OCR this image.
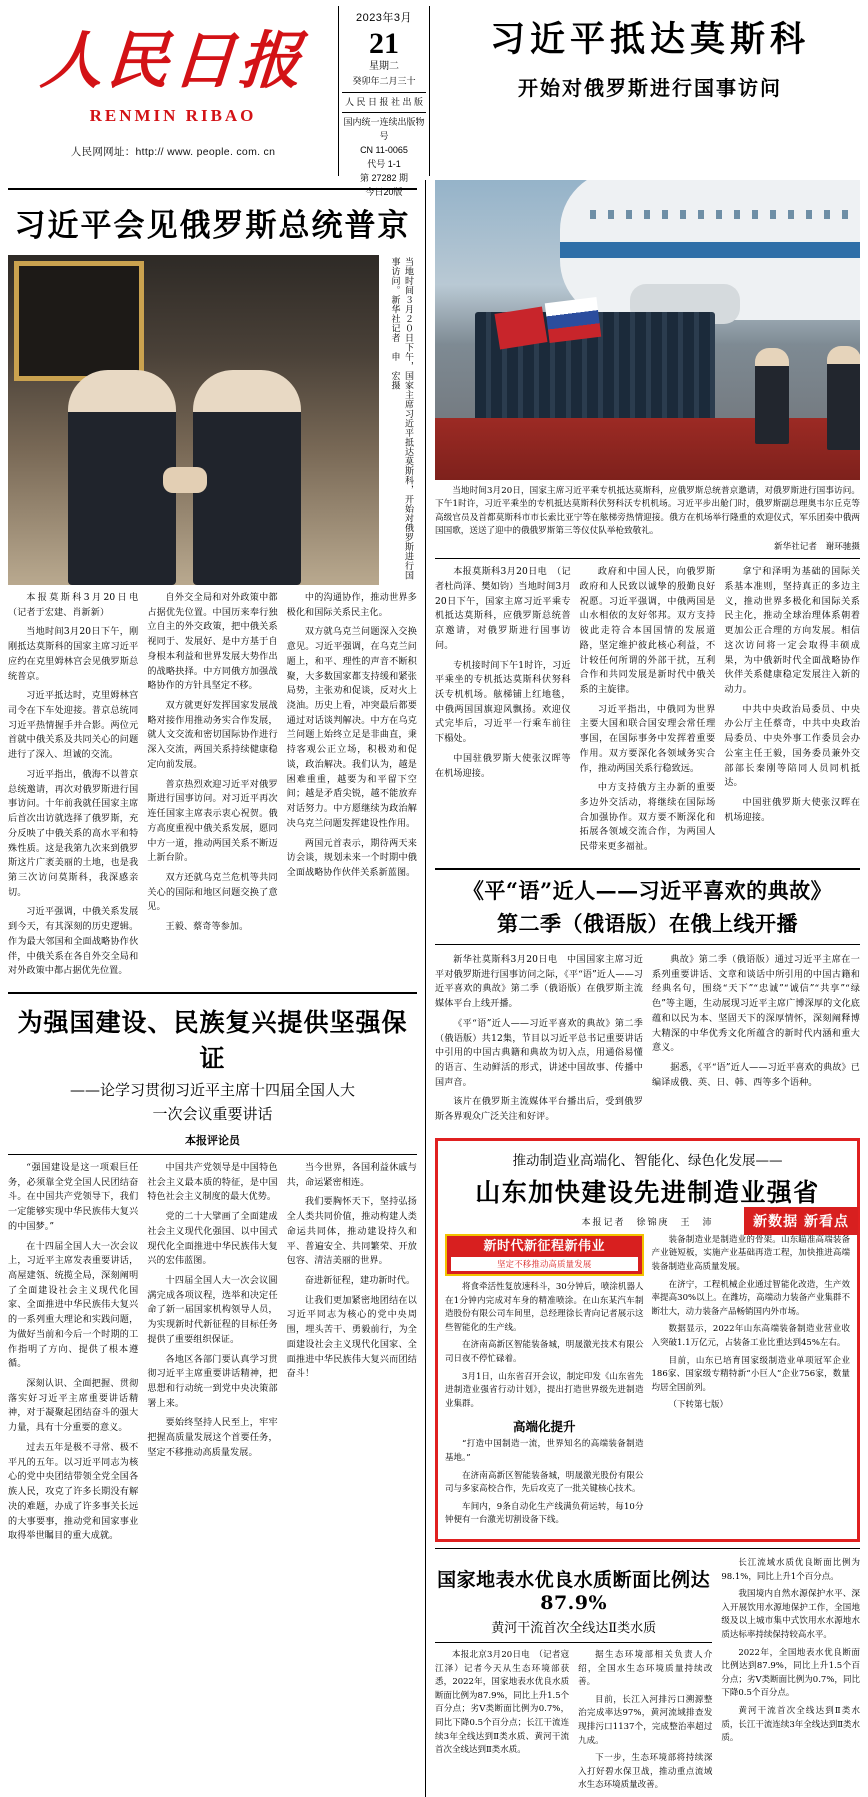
人民日报
RENMIN RIBAO
人民网网址：http:// www. people. com. cn
2023年3月
21
星期二
癸卯年二月三十
人 民 日 报 社 出 版
国内统一连续出版物号
CN 11-0065
代号 1-1
第 27282 期
今日20版
习近平抵达莫斯科
开始对俄罗斯进行国事访问
习近平会见俄罗斯总统普京
当地时间３月２０日下午，国家主席习近平抵达莫斯科，开始对俄罗斯进行国事访问。新华社记者　申　宏摄

本报莫斯科3月20日电　（记者于宏建、肖新新）

当地时间3月20日下午，刚刚抵达莫斯科的国家主席习近平应约在克里姆林宫会见俄罗斯总统普京。

习近平抵达时，克里姆林宫司令在下车处迎接。普京总统同习近平热情握手并合影。两位元首就中俄关系及共同关心的问题进行了深入、坦诚的交流。

习近平指出，俄海不以普京总统邀请，再次对俄罗斯进行国事访问。十年前我就任国家主席后首次出访就选择了俄罗斯，充分反映了中俄关系的高水平和特殊性质。这是我第九次来到俄罗斯这片广袤美丽的土地，也是我第三次访问莫斯科，我深感亲切。

习近平强调，中俄关系发展到今天，有其深刻的历史逻辑。作为最大邻国和全面战略协作伙伴，中俄关系在各自外交全局和对外政策中都占据优先位置。

自外交全局和对外政策中都占据优先位置。中国历来奉行独立自主的外交政策，把中俄关系视同于、发展好、是中方基于自身根本利益和世界发展大势作出的战略抉择。中方同俄方加强战略协作的方针具坚定不移。

双方就更好发挥国家发展战略对接作用推动务实合作发展，就人文交流和密切国际协作进行深入交流，两国关系持续健康稳定向前发展。

普京热烈欢迎习近平对俄罗斯进行国事访问。对习近平再次连任国家主席表示衷心祝贺。俄方高度重视中俄关系发展，愿同中方一道，推动两国关系不断迈上新台阶。

双方还就乌克兰危机等共同关心的国际和地区问题交换了意见。

王毅、蔡奇等参加。

中的沟通协作，推动世界多极化和国际关系民主化。

双方就乌克兰问题深入交换意见。习近平强调，在乌克兰问题上，和平、理性的声音不断积聚，大多数国家都支持缓和紧张局势，主张劝和促谈，反对火上浇油。历史上看，冲突最后都要通过对话谈判解决。中方在乌克兰问题上始终立足是非曲直，秉持客观公正立场，积极劝和促谈，政治解决。我们认为，越是困难重重，越要为和平留下空间；越是矛盾尖锐，越不能放弃对话努力。中方愿继续为政治解决乌克兰问题发挥建设性作用。

两国元首表示，期待两天来访会谈，规划未来一个时期中俄全面战略协作伙伴关系新蓝图。

为强国建设、民族复兴提供坚强保证
——论学习贯彻习近平主席十四届全国人大
一次会议重要讲话
本报评论员

“强国建设是这一项艰巨任务，必须靠全党全国人民团结奋斗。在中国共产党领导下，我们一定能够实现中华民族伟大复兴的中国梦。”

在十四届全国人大一次会议上，习近平主席发表重要讲话，高屋建瓴、统揽全局，深刻阐明了全面建设社会主义现代化国家、全面推进中华民族伟大复兴的一系列重大理论和实践问题，为做好当前和今后一个时期的工作指明了方向、提供了根本遵循。

深刻认识、全面把握、贯彻落实好习近平主席重要讲话精神，对于凝聚起团结奋斗的强大力量，具有十分重要的意义。

过去五年是极不寻常、极不平凡的五年。以习近平同志为核心的党中央团结带领全党全国各族人民，攻克了许多长期没有解决的难题，办成了许多事关长远的大事要事，推动党和国家事业取得举世瞩目的重大成就。

中国共产党领导是中国特色社会主义最本质的特征，是中国特色社会主义制度的最大优势。

党的二十大擘画了全面建成社会主义现代化强国、以中国式现代化全面推进中华民族伟大复兴的宏伟蓝图。

十四届全国人大一次会议圆满完成各项议程，选举和决定任命了新一届国家机构领导人员，为实现新时代新征程的目标任务提供了重要组织保证。

各地区各部门要认真学习贯彻习近平主席重要讲话精神，把思想和行动统一到党中央决策部署上来。

要始终坚持人民至上，牢牢把握高质量发展这个首要任务，坚定不移推动高质量发展。

当今世界，各国利益休戚与共，命运紧密相连。

我们要胸怀天下，坚持弘扬全人类共同价值，推动构建人类命运共同体，推动建设持久和平、普遍安全、共同繁荣、开放包容、清洁美丽的世界。

奋进新征程，建功新时代。

让我们更加紧密地团结在以习近平同志为核心的党中央周围，埋头苦干、勇毅前行，为全面建设社会主义现代化国家、全面推进中华民族伟大复兴而团结奋斗！

当地时间3月20日，国家主席习近平乘专机抵达莫斯科，应俄罗斯总统普京邀请，对俄罗斯进行国事访问。下午1时许，习近平乘坐的专机抵达莫斯科伏努科沃专机机场。习近平步出舱门时，俄罗斯副总理奥韦尔丘克等高级官员及首都莫斯科市市长索比亚宁等在舷梯旁热情迎接。俄方在机场举行隆重的欢迎仪式，军乐团奏中俄两国国歌，送送了迎中的俄俄罗斯第三等仪仗队举枪致敬礼。
新华社记者　谢环驰摄

本报莫斯科3月20日电　（记者杜尚泽、樊如钧）当地时间3月20日下午，国家主席习近平乘专机抵达莫斯科，应俄罗斯总统普京邀请，对俄罗斯进行国事访问。

专机接时间下午1时许，习近平乘坐的专机抵达莫斯科伏努科沃专机机场。舷梯铺上红地毯，中俄两国国旗迎风飘扬。欢迎仪式完毕后，习近平一行乘车前往下榻处。

中国驻俄罗斯大使张汉晖等在机场迎接。

政府和中国人民，向俄罗斯政府和人民致以诚挚的殷勤良好祝愿。习近平强调，中俄两国是山水相依的友好邻邦。双方支持彼此走符合本国国情的发展道路，坚定维护彼此核心利益，不计较任何所谓的外部干扰，互利合作和共同发展是新时代中俄关系的主旋律。

习近平指出，中俄同为世界主要大国和联合国安理会常任理事国，在国际事务中发挥着重要作用。双方要深化各领域务实合作，推动两国关系行稳致远。

中方支持俄方主办新的重要多边外交活动，将继续在国际场合加强协作。双方要不断深化和拓展各领域交流合作，为两国人民带来更多福祉。

拿宁和泽明为基础的国际关系基本准则，坚持真正的多边主义，推动世界多极化和国际关系民主化，推动全球治理体系朝着更加公正合理的方向发展。相信这次访问将一定会取得丰硕成果，为中俄新时代全面战略协作伙伴关系健康稳定发展注入新的动力。

中共中央政治局委员、中央办公厅主任蔡奇，中共中央政治局委员、中央外事工作委员会办公室主任王毅，国务委员兼外交部部长秦刚等陪同人员同机抵达。

中国驻俄罗斯大使张汉晖在机场迎接。

《平“语”近人——习近平喜欢的典故》
第二季（俄语版）在俄上线开播

新华社莫斯科3月20日电　中国国家主席习近平对俄罗斯进行国事访问之际，《平“语”近人——习近平喜欢的典故》第二季（俄语版）在俄罗斯主流媒体平台上线开播。

《平“语”近人——习近平喜欢的典故》第二季（俄语版）共12集，节目以习近平总书记重要讲话中引用的中国古典籍和典故为切入点，用通俗易懂的语言、生动鲜活的形式，讲述中国故事、传播中国声音。

该片在俄罗斯主流媒体平台播出后，受到俄罗斯各界观众广泛关注和好评。

典故》第二季（俄语版）通过习近平主席在一系列重要讲话、文章和谈话中所引用的中国古籍和经典名句，围绕“天下”“忠诚”“诚信”“共享”“绿色”等主题，生动展现习近平主席广博深厚的文化底蕴和以民为本、坚固天下的深厚情怀，深刻阐释博大精深的中华优秀文化所蕴含的新时代内涵和重大意义。

据悉，《平“语”近人——习近平喜欢的典故》已编译成俄、英、日、韩、西等多个语种。

推动制造业高端化、智能化、绿色化发展——
山东加快建设先进制造业强省
本报记者　徐锦庚　王　沛
新时代新征程新伟业
坚定不移推动高质量发展

将食牵活性复放速科斗，30分钟后，喷涂机器人在1分钟内完成对车身的精准喷涂。在山东某汽车制造股份有限公司车间里，总经理徐长青向记者展示这些智能化的生产线。

在济南高新区智能装备城，明晟激光技术有限公司日夜不停忙碌着。

3月1日，山东省召开会议，制定印发《山东省先进制造业强省行动计划》，提出打造世界级先进制造业集群。

高端化提升

“打造中国制造一流，世界知名的高端装备制造基地。”

在济南高新区智能装备城，明晟激光股份有限公司与多家高校合作，先后攻克了一批关键核心技术。

车间内，9条自动化生产线满负荷运转，每10分钟便有一台激光切割设备下线。

装备制造业是制造业的骨架。山东瞄准高端装备产业链短板，实施产业基础再造工程，加快推进高端装备制造业高质量发展。

在济宁，工程机械企业通过智能化改造，生产效率提高30%以上。在潍坊，高端动力装备产业集群不断壮大，动力装备产品畅销国内外市场。

数据显示，2022年山东高端装备制造业营业收入突破1.1万亿元，占装备工业比重达到45%左右。

目前，山东已培育国家级制造业单项冠军企业186家、国家级专精特新“小巨人”企业756家，数量均居全国前列。

（下转第七版）

国家地表水优良水质断面比例达87.9%
黄河干流首次全线达Ⅱ类水质

本报北京3月20日电　（记者寇江泽）记者今天从生态环境部获悉，2022年，国家地表水优良水质断面比例为87.9%，同比上升1.5个百分点；劣Ⅴ类断面比例为0.7%，同比下降0.5个百分点；长江干流连续3年全线达到Ⅱ类水质、黄河干流首次全线达到Ⅱ类水质。

据生态环境部相关负责人介绍，全国水生态环境质量持续改善。

目前，长江入河排污口溯源整治完成率达97%，黄河流域排查发现排污口1137个，完成整治率超过九成。

下一步，生态环境部将持续深入打好碧水保卫战，推动重点流域水生态环境质量改善。

长江流域水质优良断面比例为98.1%，同比上升1个百分点。

我国境内自然水源保护水平、深入开展饮用水源地保护工作，全国地级及以上城市集中式饮用水水源地水质达标率持续保持较高水平。

2022年，全国地表水优良断面比例达到87.9%，同比上升1.5个百分点；劣Ⅴ类断面比例为0.7%，同比下降0.5个百分点。

黄河干流首次全线达到Ⅱ类水质，长江干流连续3年全线达到Ⅱ类水质。

新数据 新看点
